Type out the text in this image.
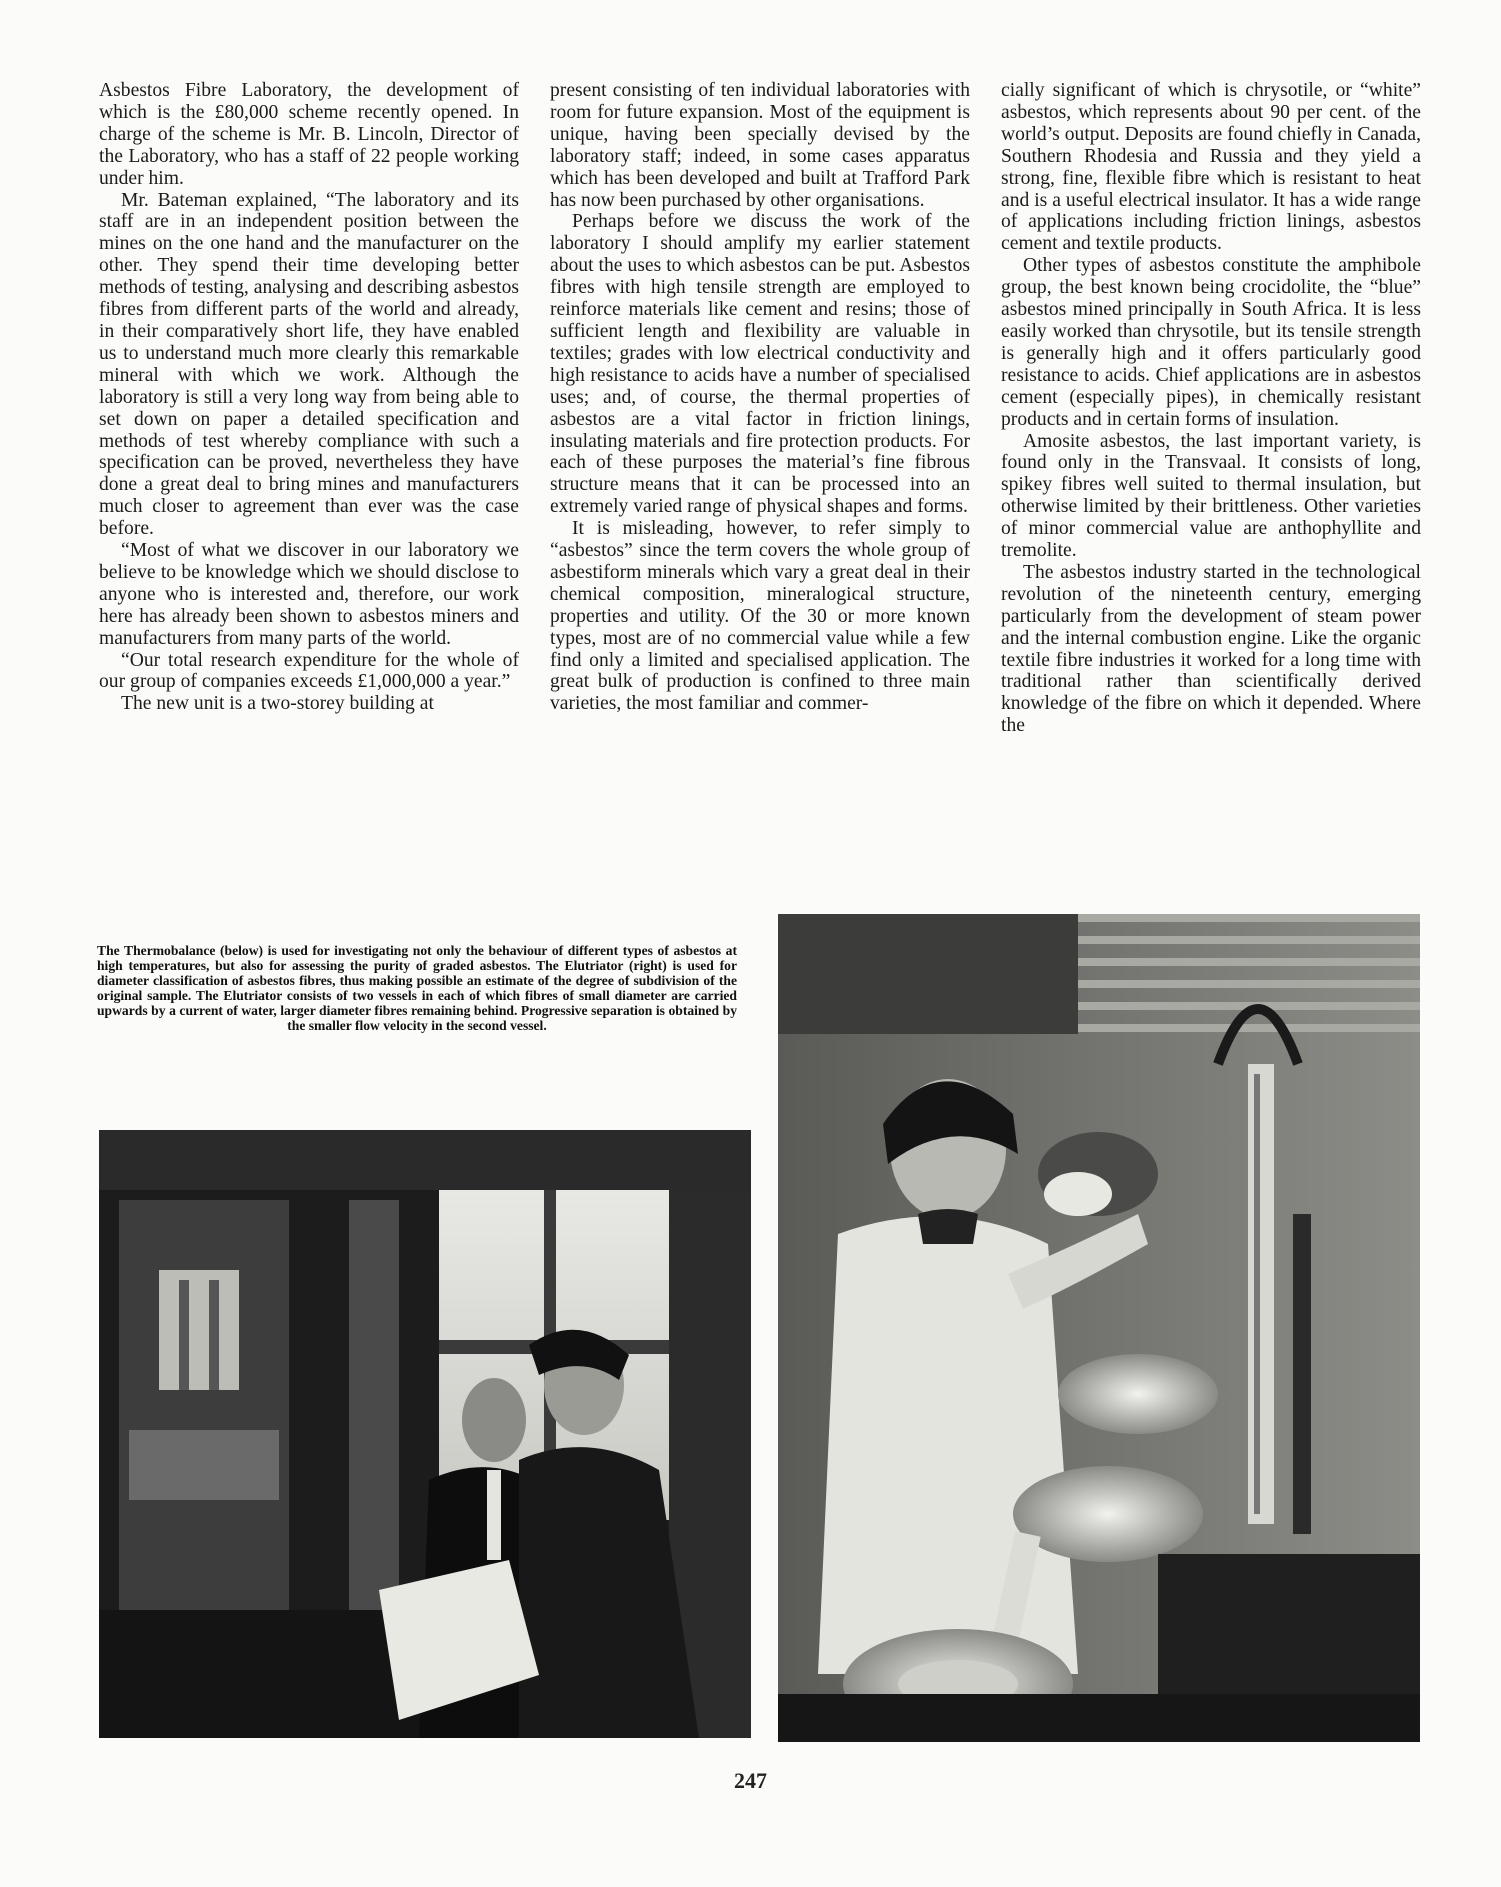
Asbestos Fibre Laboratory, the development of which is the £80,000 scheme recently opened. In charge of the scheme is Mr. B. Lincoln, Director of the Laboratory, who has a staff of 22 people working under him.

Mr. Bateman explained, “The laboratory and its staff are in an independent position between the mines on the one hand and the manufacturer on the other. They spend their time developing better methods of testing, analysing and describing asbestos fibres from different parts of the world and already, in their comparatively short life, they have enabled us to understand much more clearly this remarkable mineral with which we work. Although the laboratory is still a very long way from being able to set down on paper a detailed specification and methods of test whereby compliance with such a specification can be proved, nevertheless they have done a great deal to bring mines and manufacturers much closer to agreement than ever was the case before.

“Most of what we discover in our laboratory we believe to be knowledge which we should disclose to anyone who is interested and, therefore, our work here has already been shown to asbestos miners and manufacturers from many parts of the world.

“Our total research expenditure for the whole of our group of companies exceeds £1,000,000 a year.”

The new unit is a two-storey building at

present consisting of ten individual laboratories with room for future expansion. Most of the equipment is unique, having been specially devised by the laboratory staff; indeed, in some cases apparatus which has been developed and built at Trafford Park has now been purchased by other organisations.

Perhaps before we discuss the work of the laboratory I should amplify my earlier statement about the uses to which asbestos can be put. Asbestos fibres with high tensile strength are employed to reinforce materials like cement and resins; those of sufficient length and flexibility are valuable in textiles; grades with low electrical conductivity and high resistance to acids have a number of specialised uses; and, of course, the thermal properties of asbestos are a vital factor in friction linings, insulating materials and fire protection products. For each of these purposes the material’s fine fibrous structure means that it can be processed into an extremely varied range of physical shapes and forms.

It is misleading, however, to refer simply to “asbestos” since the term covers the whole group of asbestiform minerals which vary a great deal in their chemical composition, mineralogical structure, properties and utility. Of the 30 or more known types, most are of no commercial value while a few find only a limited and specialised application. The great bulk of production is confined to three main varieties, the most familiar and commer-

cially significant of which is chrysotile, or “white” asbestos, which represents about 90 per cent. of the world’s output. Deposits are found chiefly in Canada, Southern Rhodesia and Russia and they yield a strong, fine, flexible fibre which is resistant to heat and is a useful electrical insulator. It has a wide range of applications including friction linings, asbestos cement and textile products.

Other types of asbestos constitute the amphibole group, the best known being crocidolite, the “blue” asbestos mined principally in South Africa. It is less easily worked than chrysotile, but its tensile strength is generally high and it offers particularly good resistance to acids. Chief applications are in asbestos cement (especially pipes), in chemically resistant products and in certain forms of insulation.

Amosite asbestos, the last important variety, is found only in the Transvaal. It consists of long, spikey fibres well suited to thermal insulation, but otherwise limited by their brittleness. Other varieties of minor commercial value are anthophyllite and tremolite.

The asbestos industry started in the technological revolution of the nineteenth century, emerging particularly from the development of steam power and the internal combustion engine. Like the organic textile fibre industries it worked for a long time with traditional rather than scientifically derived knowledge of the fibre on which it depended. Where the

The Thermobalance (below) is used for investigating not only the behaviour of different types of asbestos at high temperatures, but also for assessing the purity of graded asbestos. The Elutriator (right) is used for diameter classification of asbestos fibres, thus making possible an estimate of the degree of subdivision of the original sample. The Elutriator consists of two vessels in each of which fibres of small diameter are carried upwards by a current of water, larger diameter fibres remaining behind. Progressive separation is obtained by the smaller flow velocity in the second vessel.
247
